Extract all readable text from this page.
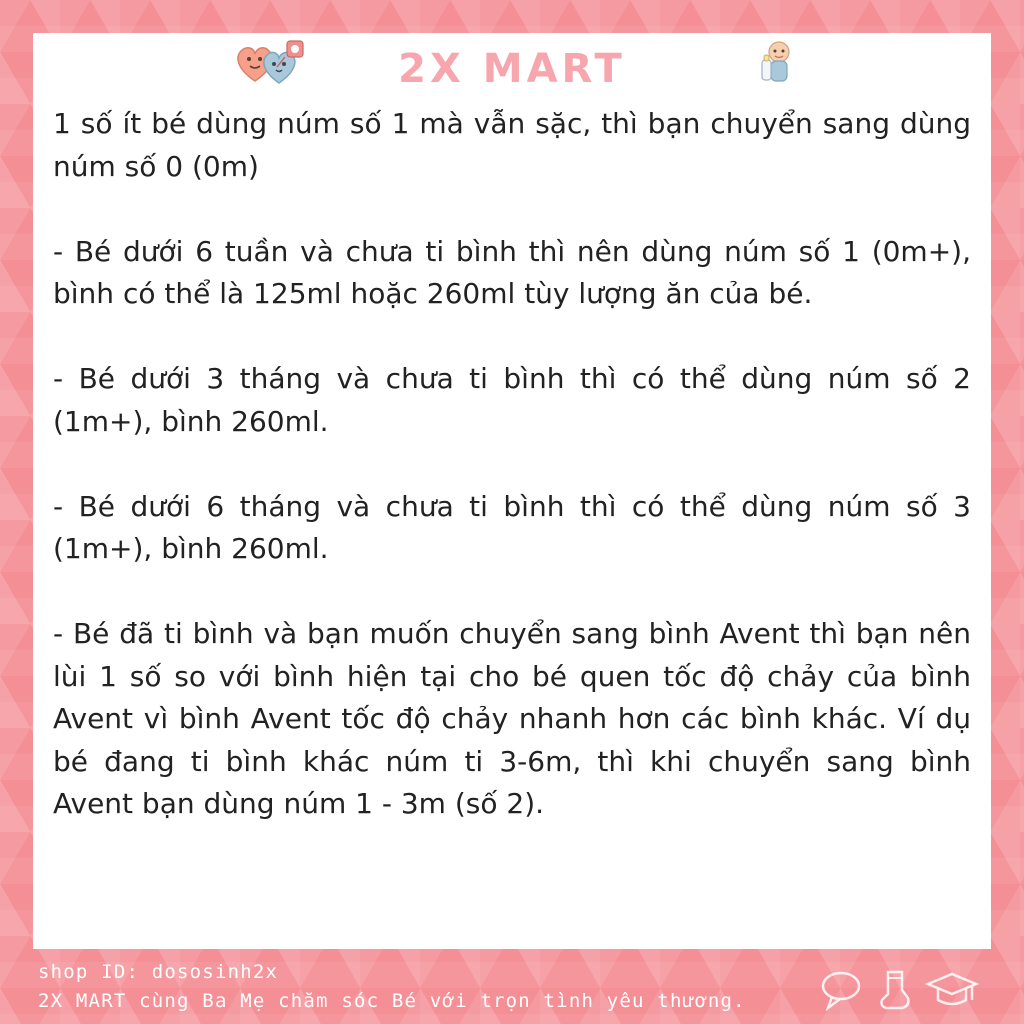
2X MART

1 số ít bé dùng núm số 1 mà vẫn sặc, thì bạn chuyển sang dùng núm số 0 (0m)

- Bé dưới 6 tuần và chưa ti bình thì nên dùng núm số 1 (0m+), bình có thể là 125ml hoặc 260ml tùy lượng ăn của bé.

- Bé dưới 3 tháng và chưa ti bình thì có thể dùng núm số 2 (1m+), bình 260ml.

- Bé dưới 6 tháng và chưa ti bình thì có thể dùng núm số 3 (1m+), bình 260ml.

- Bé đã ti bình và bạn muốn chuyển sang bình Avent thì bạn nên lùi 1 số so với bình hiện tại cho bé quen tốc độ chảy của bình Avent vì bình Avent tốc độ chảy nhanh hơn các bình khác. Ví dụ bé đang ti bình khác núm ti 3-6m, thì khi chuyển sang bình Avent bạn dùng núm 1 - 3m (số 2).

shop ID: dososinh2x
2X MART cùng Ba Mẹ chăm sóc Bé với trọn tình yêu thương.
